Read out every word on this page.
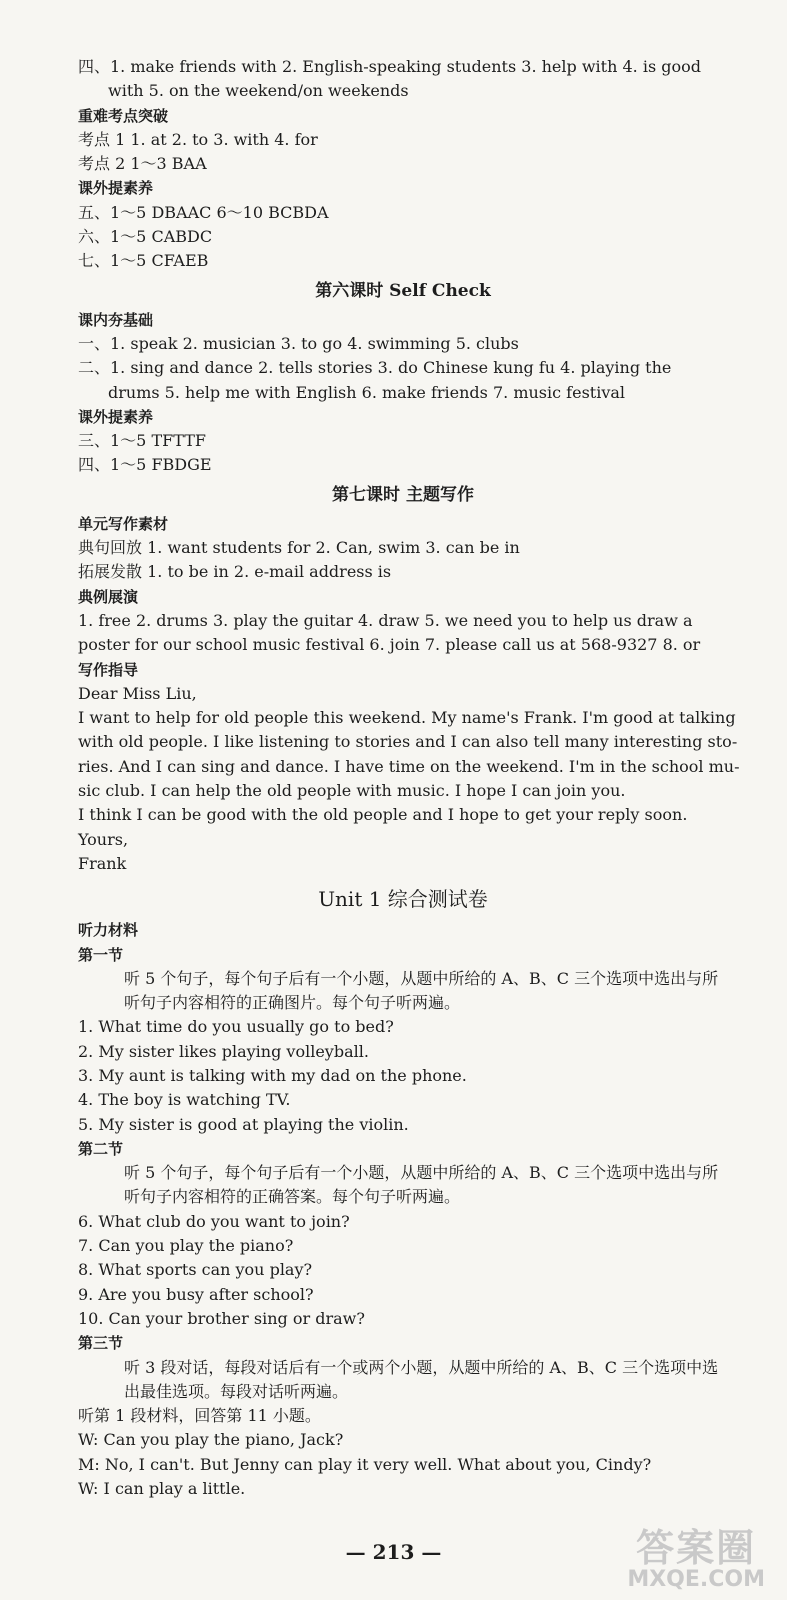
四、1. make friends with 2. English-speaking students 3. help with 4. is good
with 5. on the weekend/on weekends
重难考点突破
考点 1 1. at 2. to 3. with 4. for
考点 2 1～3 BAA
课外提素养
五、1～5 DBAAC 6～10 BCBDA
六、1～5 CABDC
七、1～5 CFAEB
第六课时 Self Check
课内夯基础
一、1. speak 2. musician 3. to go 4. swimming 5. clubs
二、1. sing and dance 2. tells stories 3. do Chinese kung fu 4. playing the
drums 5. help me with English 6. make friends 7. music festival
课外提素养
三、1～5 TFTTF
四、1～5 FBDGE
第七课时 主题写作
单元写作素材
典句回放 1. want students for 2. Can, swim 3. can be in
拓展发散 1. to be in 2. e-mail address is
典例展演
1. free 2. drums 3. play the guitar 4. draw 5. we need you to help us draw a
poster for our school music festival 6. join 7. please call us at 568-9327 8. or
写作指导
Dear Miss Liu,
I want to help for old people this weekend. My name's Frank. I'm good at talking
with old people. I like listening to stories and I can also tell many interesting sto-
ries. And I can sing and dance. I have time on the weekend. I'm in the school mu-
sic club. I can help the old people with music. I hope I can join you.
I think I can be good with the old people and I hope to get your reply soon.
Yours,
Frank
Unit 1 综合测试卷
听力材料
第一节
听 5 个句子，每个句子后有一个小题，从题中所给的 A、B、C 三个选项中选出与所听句子内容相符的正确图片。每个句子听两遍。
1. What time do you usually go to bed?
2. My sister likes playing volleyball.
3. My aunt is talking with my dad on the phone.
4. The boy is watching TV.
5. My sister is good at playing the violin.
第二节
听 5 个句子，每个句子后有一个小题，从题中所给的 A、B、C 三个选项中选出与所听句子内容相符的正确答案。每个句子听两遍。
6. What club do you want to join?
7. Can you play the piano?
8. What sports can you play?
9. Are you busy after school?
10. Can your brother sing or draw?
第三节
听 3 段对话，每段对话后有一个或两个小题，从题中所给的 A、B、C 三个选项中选出最佳选项。每段对话听两遍。
听第 1 段材料，回答第 11 小题。
W: Can you play the piano, Jack?
M: No, I can't. But Jenny can play it very well. What about you, Cindy?
W: I can play a little.
— 213 —	答案圈
MXQE.COM
